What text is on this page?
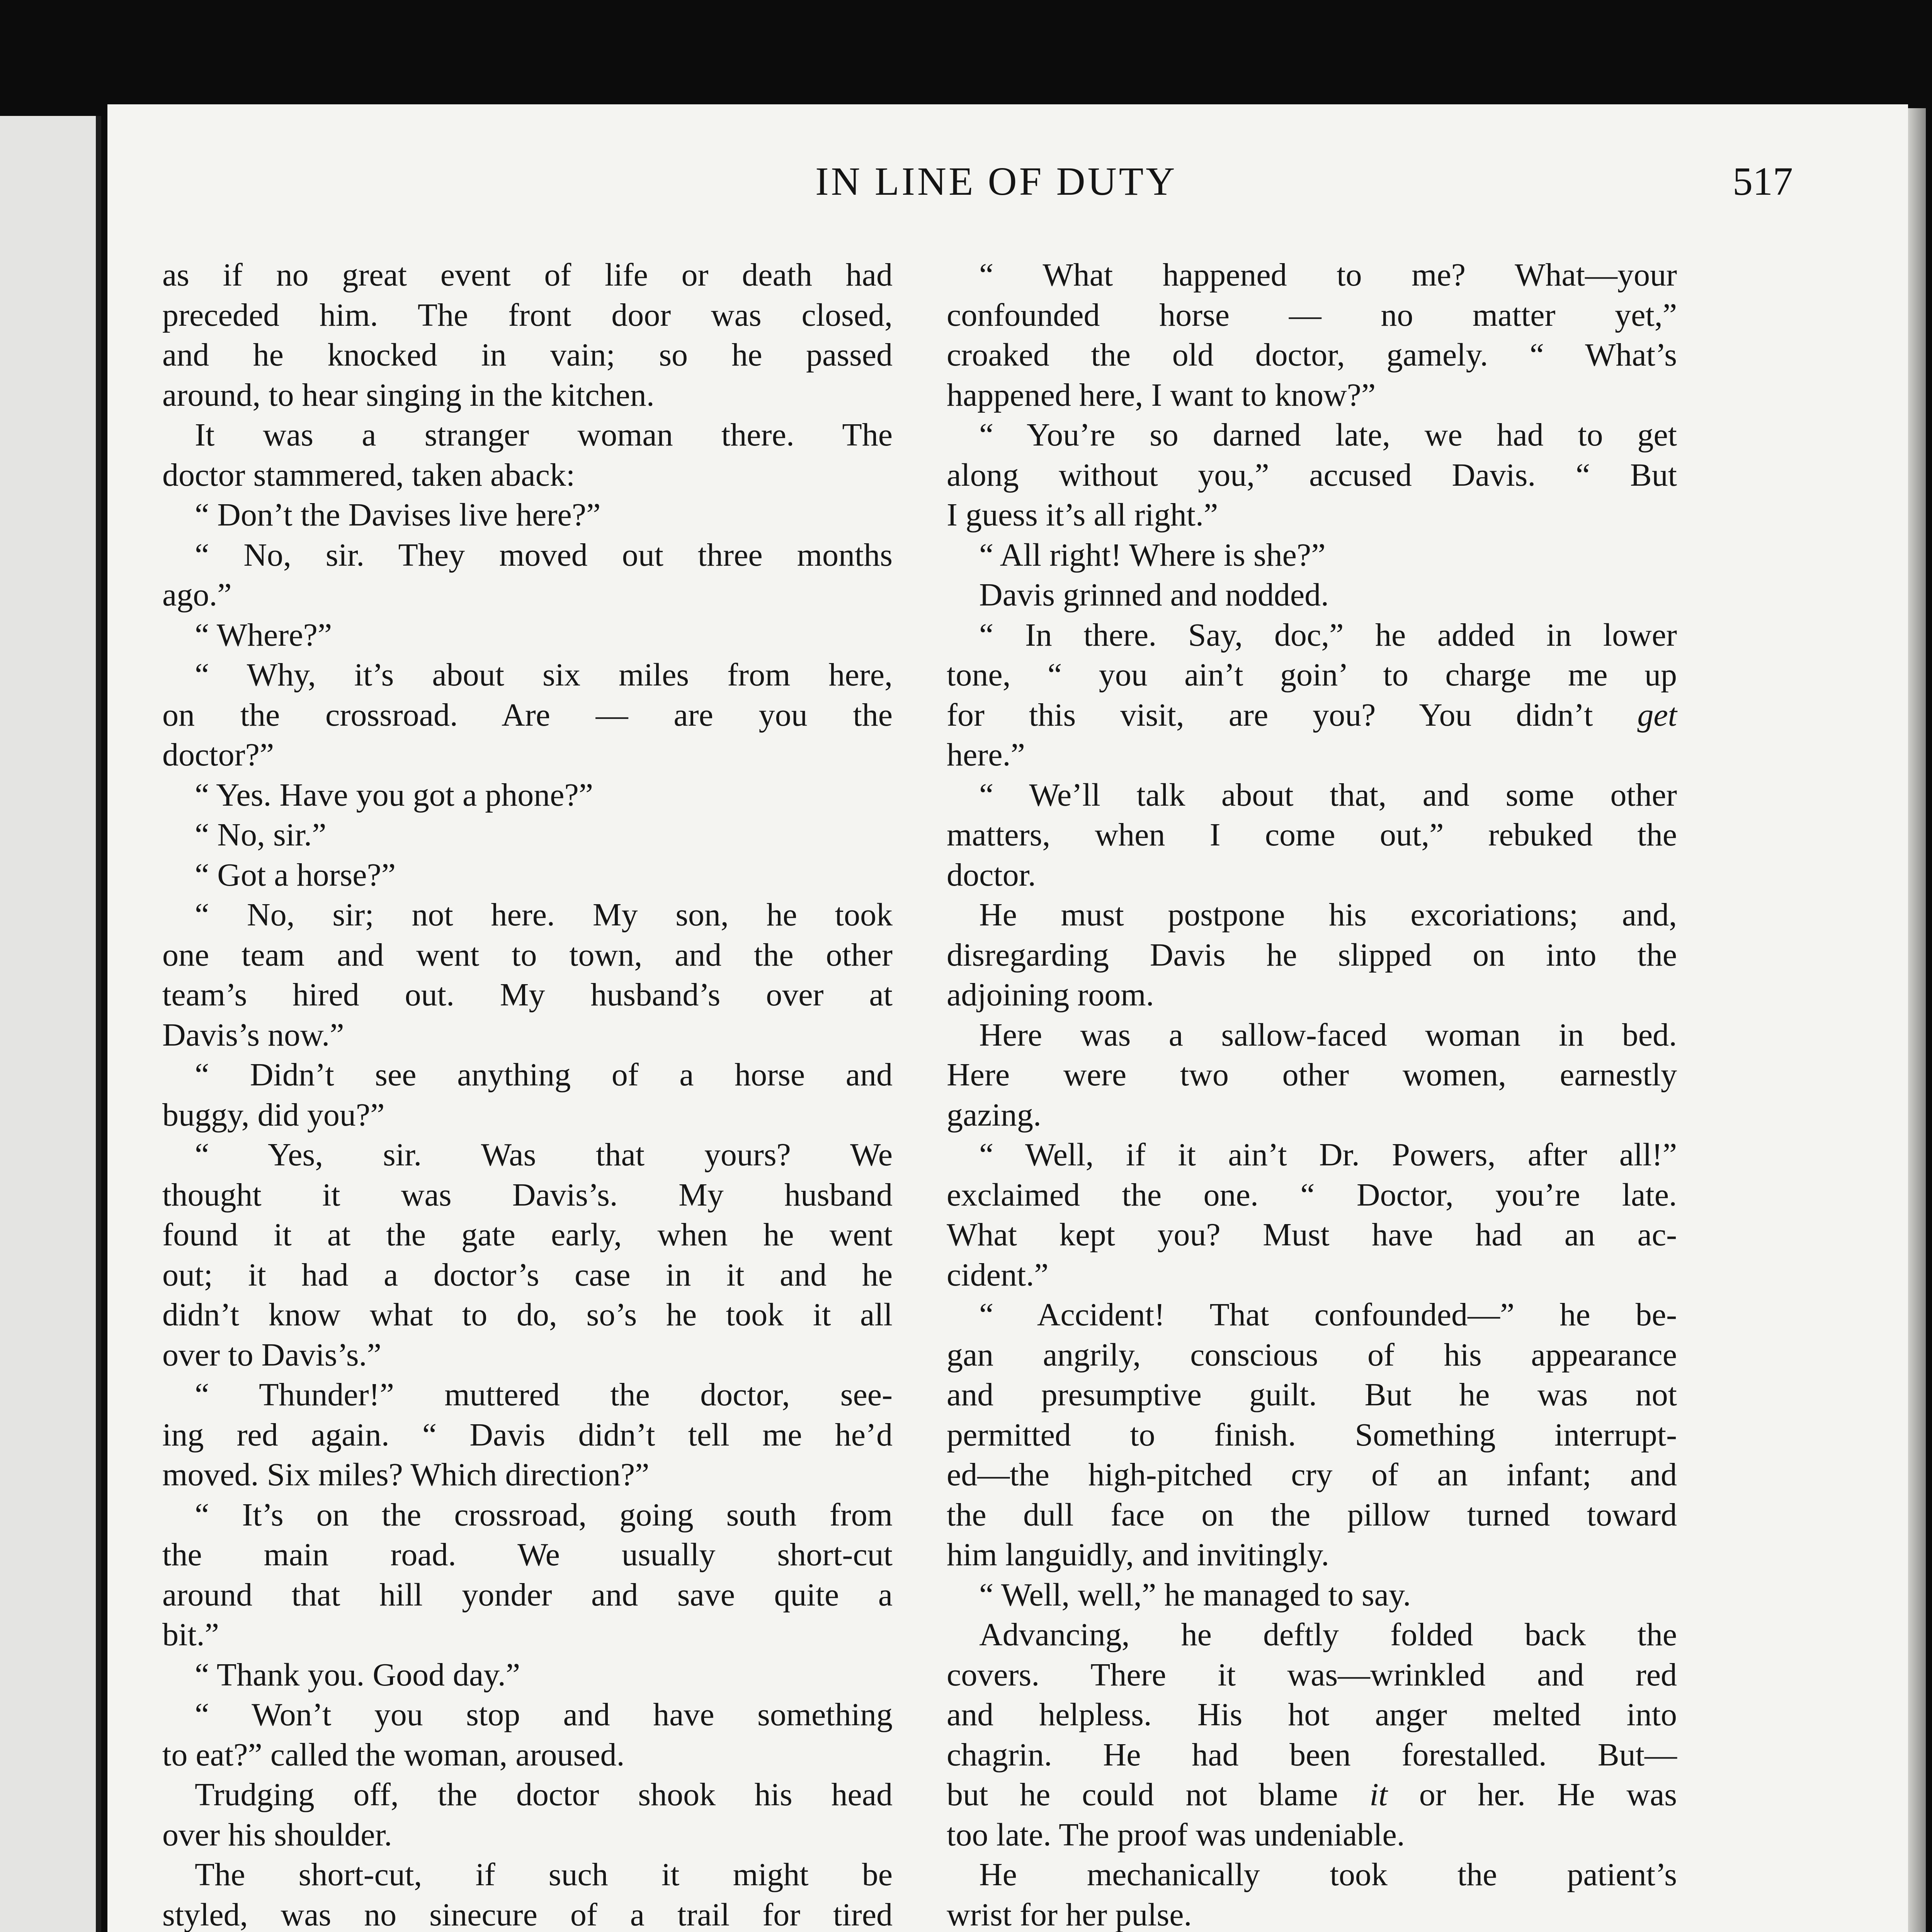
IN LINE OF DUTY	517
as if no great event of life or death had
preceded him. The front door was closed,
and he knocked in vain; so he passed
around, to hear singing in the kitchen.
It was a stranger woman there. The
doctor stammered, taken aback:
“ Don’t the Davises live here?”
“ No, sir. They moved out three months
ago.”
“ Where?”
“ Why, it’s about six miles from here,
on the crossroad. Are — are you the
doctor?”
“ Yes. Have you got a phone?”
“ No, sir.”
“ Got a horse?”
“ No, sir; not here. My son, he took
one team and went to town, and the other
team’s hired out. My husband’s over at
Davis’s now.”
“ Didn’t see anything of a horse and
buggy, did you?”
“ Yes, sir. Was that yours? We
thought it was Davis’s. My husband
found it at the gate early, when he went
out; it had a doctor’s case in it and he
didn’t know what to do, so’s he took it all
over to Davis’s.”
“ Thunder!” muttered the doctor, see-
ing red again. “ Davis didn’t tell me he’d
moved. Six miles? Which direction?”
“ It’s on the crossroad, going south from
the main road. We usually short-cut
around that hill yonder and save quite a
bit.”
“ Thank you. Good day.”
“ Won’t you stop and have something
to eat?” called the woman, aroused.
Trudging off, the doctor shook his head
over his shoulder.
The short-cut, if such it might be
styled, was no sinecure of a trail for tired
“ What happened to me? What—your
confounded horse — no matter yet,”
croaked the old doctor, gamely. “ What’s
happened here, I want to know?”
“ You’re so darned late, we had to get
along without you,” accused Davis. “ But
I guess it’s all right.”
“ All right! Where is she?”
Davis grinned and nodded.
“ In there. Say, doc,” he added in lower
tone, “ you ain’t goin’ to charge me up
for this visit, are you? You didn’t get
here.”
“ We’ll talk about that, and some other
matters, when I come out,” rebuked the
doctor.
He must postpone his excoriations; and,
disregarding Davis he slipped on into the
adjoining room.
Here was a sallow-faced woman in bed.
Here were two other women, earnestly
gazing.
“ Well, if it ain’t Dr. Powers, after all!”
exclaimed the one. “ Doctor, you’re late.
What kept you? Must have had an ac-
cident.”
“ Accident! That confounded—” he be-
gan angrily, conscious of his appearance
and presumptive guilt. But he was not
permitted to finish. Something interrupt-
ed—the high-pitched cry of an infant; and
the dull face on the pillow turned toward
him languidly, and invitingly.
“ Well, well,” he managed to say.
Advancing, he deftly folded back the
covers. There it was—wrinkled and red
and helpless. His hot anger melted into
chagrin. He had been forestalled. But—
but he could not blame it or her. He was
too late. The proof was undeniable.
He mechanically took the patient’s
wrist for her pulse.
